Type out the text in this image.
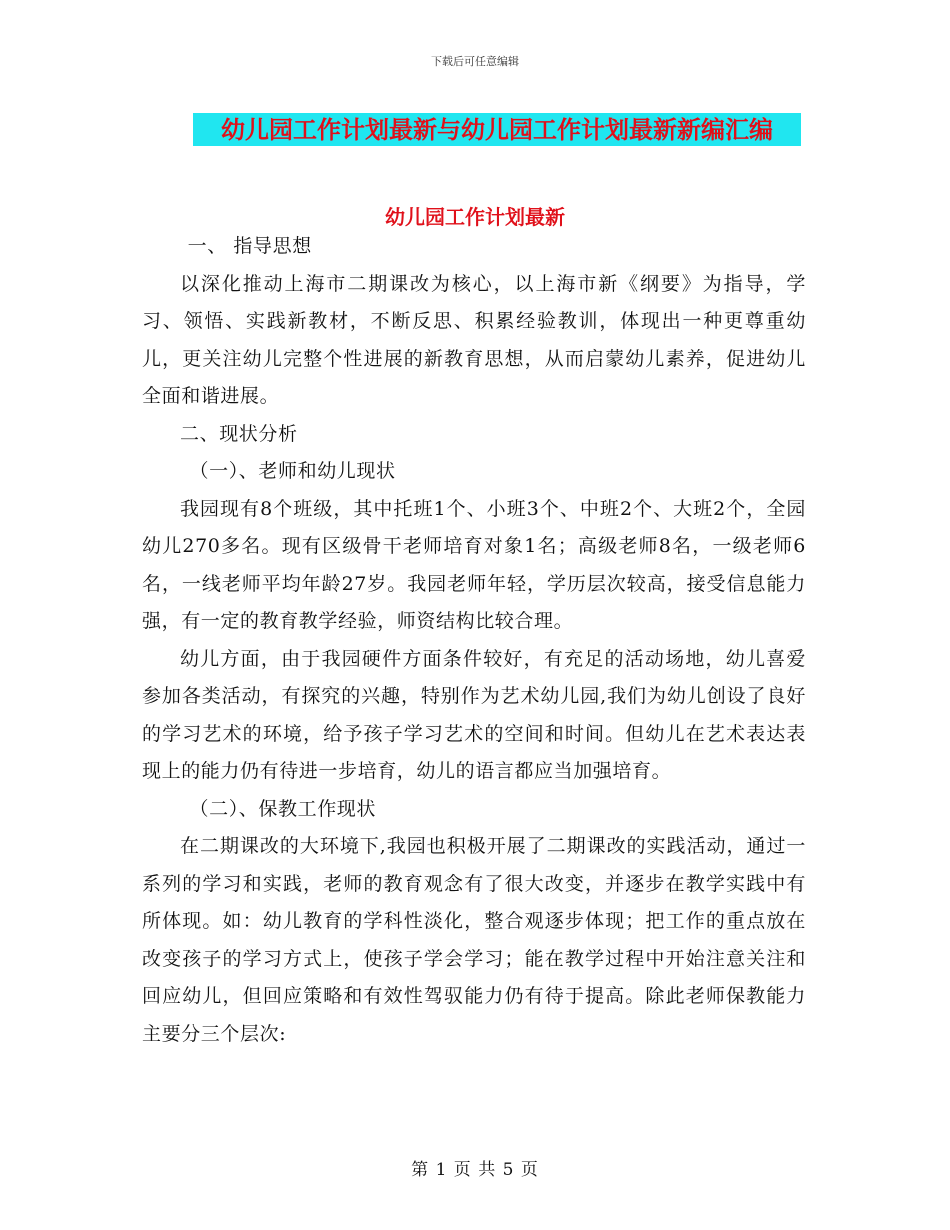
下载后可任意编辑
幼儿园工作计划最新与幼儿园工作计划最新新编汇编
幼儿园工作计划最新

一、 指导思想

以深化推动上海市二期课改为核心，以上海市新《纲要》为指导，学习、领悟、实践新教材，不断反思、积累经验教训，体现出一种更尊重幼儿，更关注幼儿完整个性进展的新教育思想，从而启蒙幼儿素养，促进幼儿全面和谐进展。

二、现状分析

（一）、老师和幼儿现状

我园现有8个班级，其中托班1个、小班3个、中班2个、大班2个，全园幼儿270多名。现有区级骨干老师培育对象1名；高级老师8名，一级老师6名，一线老师平均年龄27岁。我园老师年轻，学历层次较高，接受信息能力强，有一定的教育教学经验，师资结构比较合理。

幼儿方面，由于我园硬件方面条件较好，有充足的活动场地，幼儿喜爱参加各类活动，有探究的兴趣，特别作为艺术幼儿园,我们为幼儿创设了良好的学习艺术的环境，给予孩子学习艺术的空间和时间。但幼儿在艺术表达表现上的能力仍有待进一步培育，幼儿的语言都应当加强培育。

（二）、保教工作现状

在二期课改的大环境下,我园也积极开展了二期课改的实践活动，通过一系列的学习和实践，老师的教育观念有了很大改变，并逐步在教学实践中有所体现。如：幼儿教育的学科性淡化，整合观逐步体现；把工作的重点放在改变孩子的学习方式上，使孩子学会学习；能在教学过程中开始注意关注和回应幼儿，但回应策略和有效性驾驭能力仍有待于提高。除此老师保教能力主要分三个层次:

第 1 页 共 5 页
